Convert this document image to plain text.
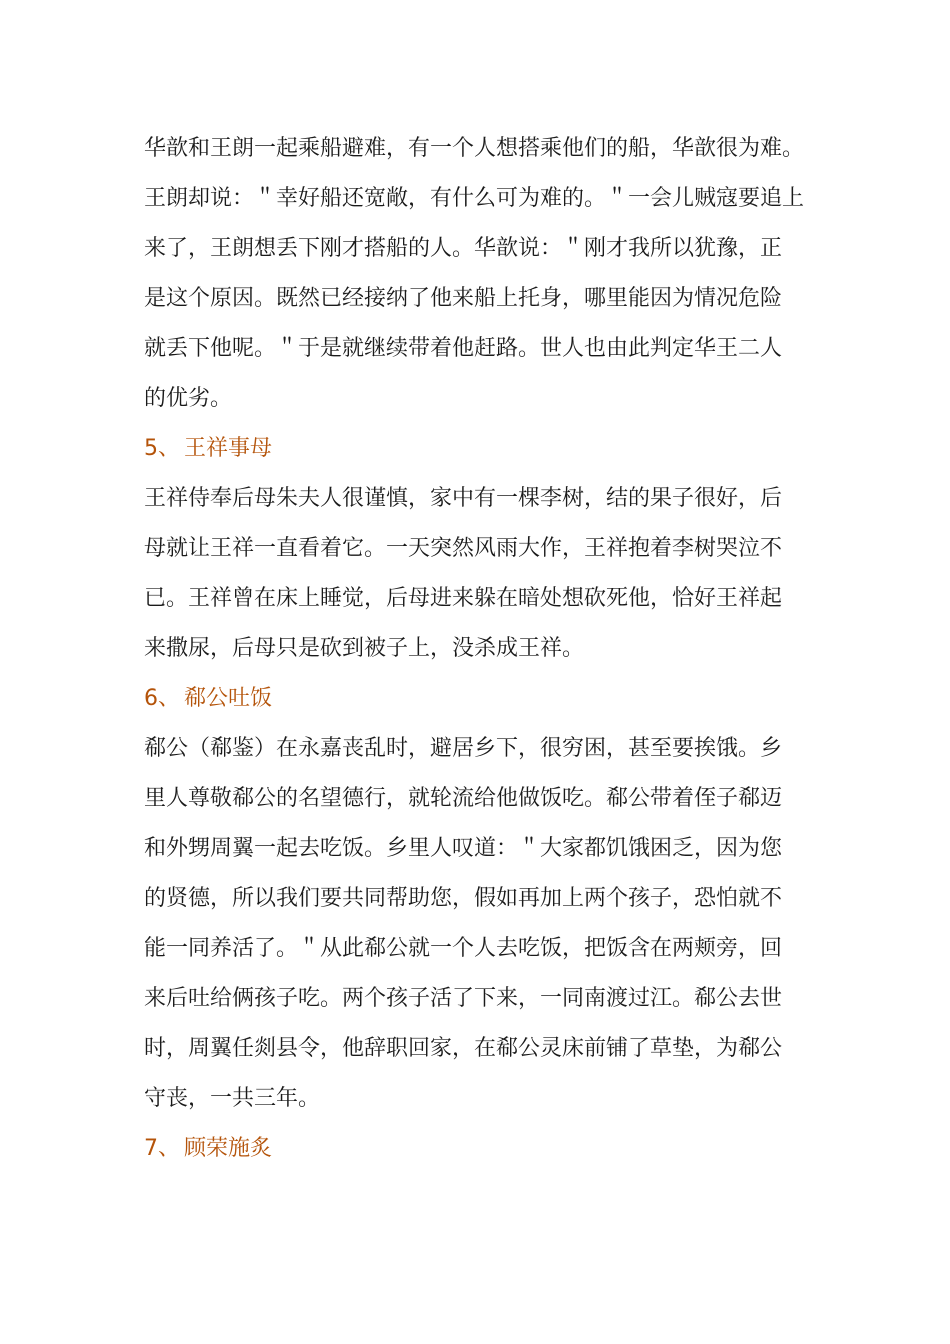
华歆和王朗一起乘船避难，有一个人想搭乘他们的船，华歆很为难。
王朗却说：＂幸好船还宽敞，有什么可为难的。＂一会儿贼寇要追上
来了，王朗想丢下刚才搭船的人。华歆说：＂刚才我所以犹豫，正
是这个原因。既然已经接纳了他来船上托身，哪里能因为情况危险
就丢下他呢。＂于是就继续带着他赶路。世人也由此判定华王二人
的优劣。
5、 王祥事母
王祥侍奉后母朱夫人很谨慎，家中有一棵李树，结的果子很好，后
母就让王祥一直看着它。一天突然风雨大作，王祥抱着李树哭泣不
已。王祥曾在床上睡觉，后母进来躲在暗处想砍死他，恰好王祥起
来撒尿，后母只是砍到被子上，没杀成王祥。
6、 郗公吐饭
郗公（郗鉴）在永嘉丧乱时，避居乡下，很穷困，甚至要挨饿。乡
里人尊敬郗公的名望德行，就轮流给他做饭吃。郗公带着侄子郗迈
和外甥周翼一起去吃饭。乡里人叹道：＂大家都饥饿困乏，因为您
的贤德，所以我们要共同帮助您，假如再加上两个孩子，恐怕就不
能一同养活了。＂从此郗公就一个人去吃饭，把饭含在两颊旁，回
来后吐给俩孩子吃。两个孩子活了下来，一同南渡过江。郗公去世
时，周翼任剡县令，他辞职回家，在郗公灵床前铺了草垫，为郗公
守丧，一共三年。
7、 顾荣施炙
